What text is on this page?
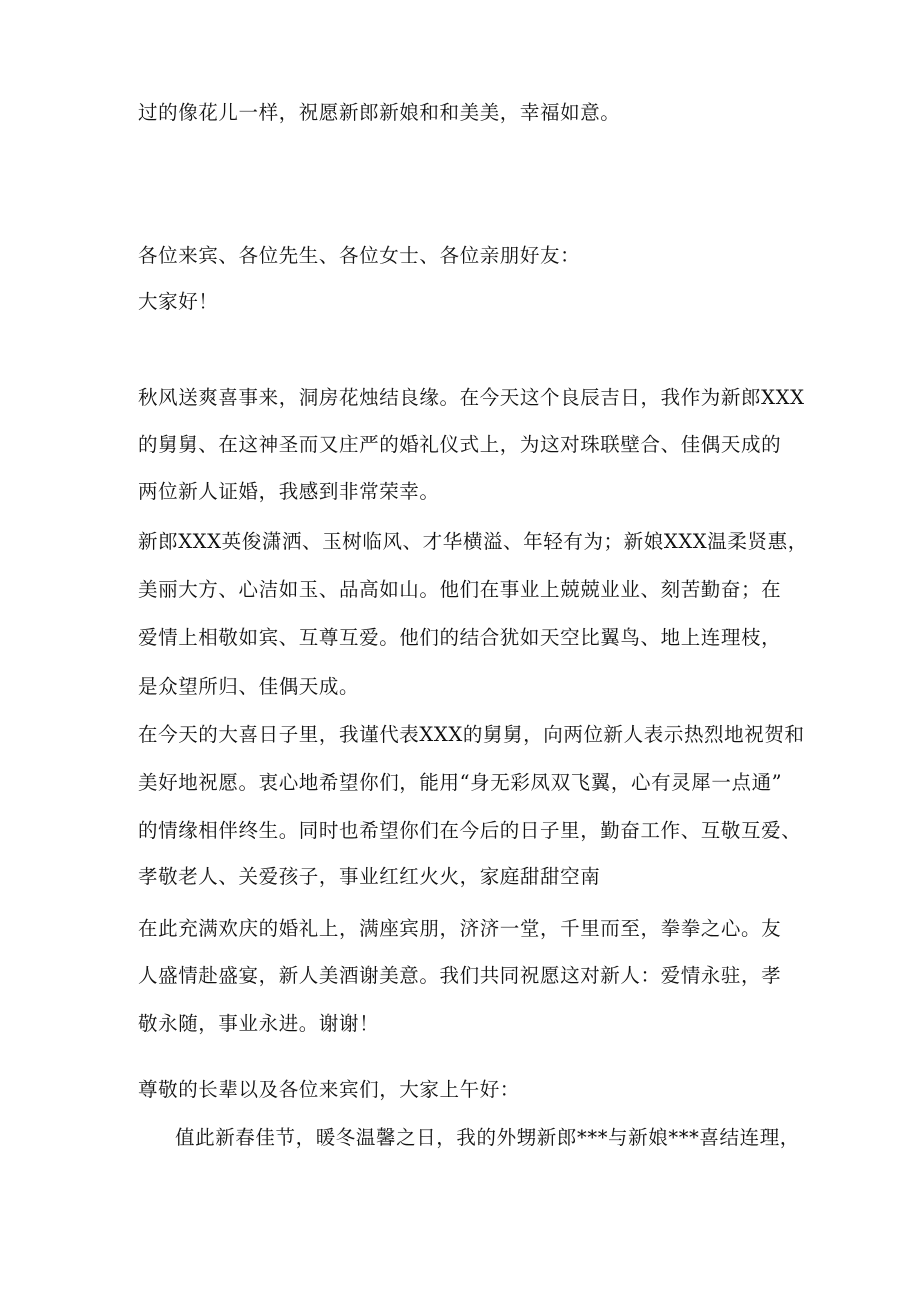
过的像花儿一样，祝愿新郎新娘和和美美，幸福如意。
各位来宾、各位先生、各位女士、各位亲朋好友：
大家好！
秋风送爽喜事来，洞房花烛结良缘。在今天这个良辰吉日，我作为新郎XXX
的舅舅、在这神圣而又庄严的婚礼仪式上，为这对珠联壁合、佳偶天成的
两位新人证婚，我感到非常荣幸。
新郎XXX英俊潇洒、玉树临风、才华横溢、年轻有为；新娘XXX温柔贤惠，
美丽大方、心洁如玉、品高如山。他们在事业上兢兢业业、刻苦勤奋；在
爱情上相敬如宾、互尊互爱。他们的结合犹如天空比翼鸟、地上连理枝，
是众望所归、佳偶天成。
在今天的大喜日子里，我谨代表XXX的舅舅，向两位新人表示热烈地祝贺和
美好地祝愿。衷心地希望你们，能用“身无彩凤双飞翼，心有灵犀一点通”
的情缘相伴终生。同时也希望你们在今后的日子里，勤奋工作、互敬互爱、
孝敬老人、关爱孩子，事业红红火火，家庭甜甜空南
在此充满欢庆的婚礼上，满座宾朋，济济一堂，千里而至，拳拳之心。友
人盛情赴盛宴，新人美酒谢美意。我们共同祝愿这对新人：爱情永驻，孝
敬永随，事业永进。谢谢！
尊敬的长辈以及各位来宾们，大家上午好：
值此新春佳节，暖冬温馨之日，我的外甥新郎***与新娘***喜结连理，
